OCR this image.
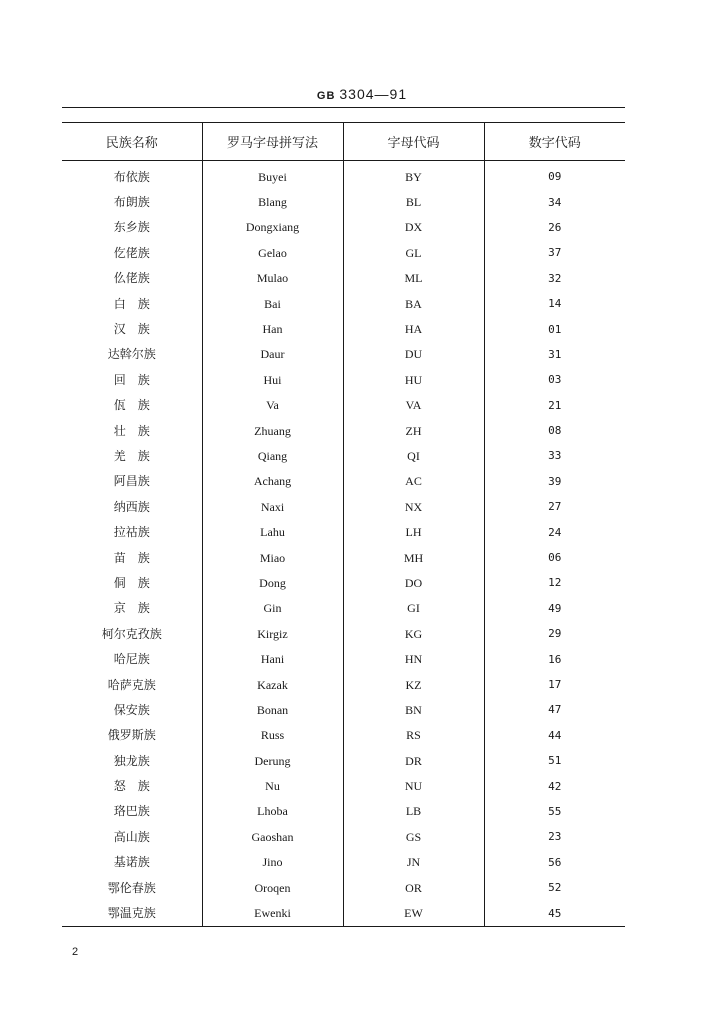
GB 3304—91
民族名称	罗马字母拼写法	字母代码	数字代码
布依族	Buyei	BY	09
布朗族	Blang	BL	34
东乡族	Dongxiang	DX	26
仡佬族	Gelao	GL	37
仫佬族	Mulao	ML	32
白　族	Bai	BA	14
汉　族	Han	HA	01
达斡尔族	Daur	DU	31
回　族	Hui	HU	03
佤　族	Va	VA	21
壮　族	Zhuang	ZH	08
羌　族	Qiang	QI	33
阿昌族	Achang	AC	39
纳西族	Naxi	NX	27
拉祜族	Lahu	LH	24
苗　族	Miao	MH	06
侗　族	Dong	DO	12
京　族	Gin	GI	49
柯尔克孜族	Kirgiz	KG	29
哈尼族	Hani	HN	16
哈萨克族	Kazak	KZ	17
保安族	Bonan	BN	47
俄罗斯族	Russ	RS	44
独龙族	Derung	DR	51
怒　族	Nu	NU	42
珞巴族	Lhoba	LB	55
高山族	Gaoshan	GS	23
基诺族	Jino	JN	56
鄂伦春族	Oroqen	OR	52
鄂温克族	Ewenki	EW	45
2
